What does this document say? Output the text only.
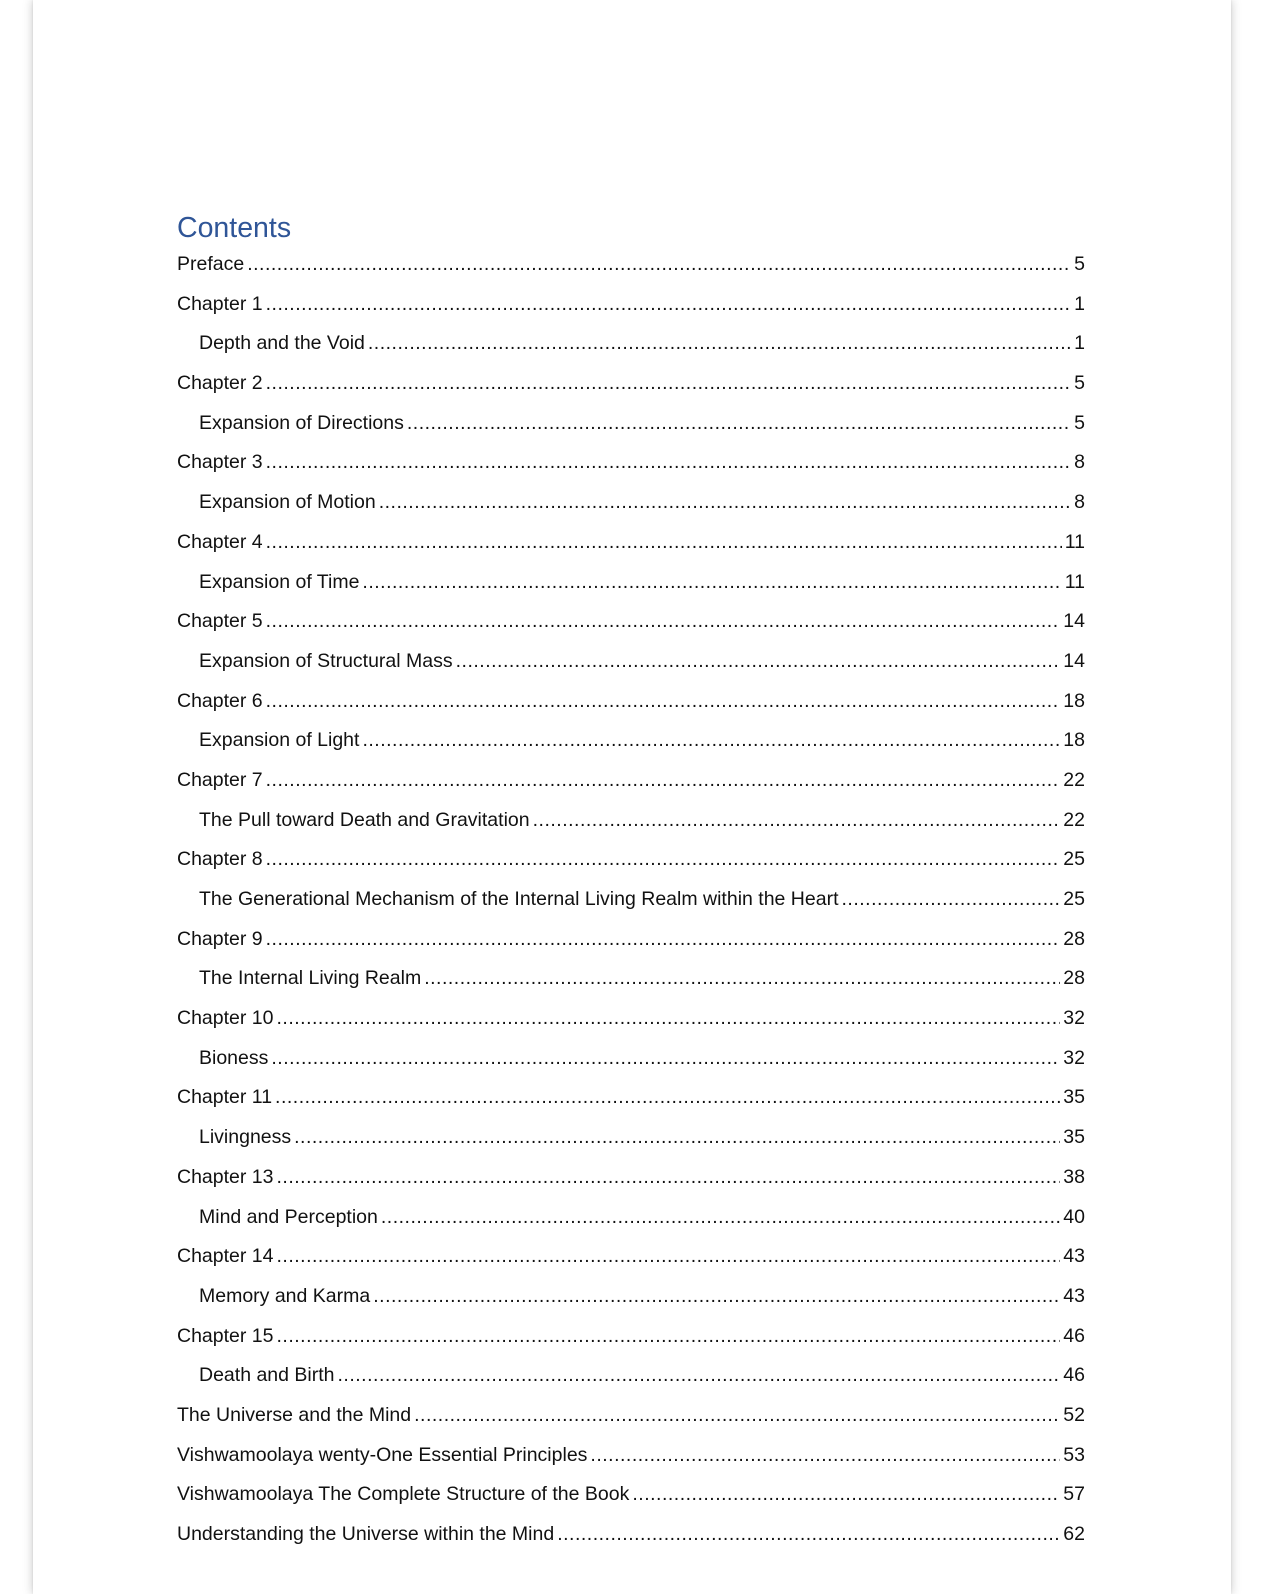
Contents
Preface .....	5
Chapter 1 .....	1
Depth and the Void .....	1
Chapter 2 .....	5
Expansion of Directions .....	5
Chapter 3 .....	8
Expansion of Motion .....	8
Chapter 4 .....	11
Expansion of Time .....	11
Chapter 5 .....	14
Expansion of Structural Mass .....	14
Chapter 6 .....	18
Expansion of Light .....	18
Chapter 7 .....	22
The Pull toward Death and Gravitation .....	22
Chapter 8 .....	25
The Generational Mechanism of the Internal Living Realm within the Heart .....	25
Chapter 9 .....	28
The Internal Living Realm .....	28
Chapter 10 .....	32
Bioness .....	32
Chapter 11 .....	35
Livingness .....	35
Chapter 13 .....	38
Mind and Perception .....	40
Chapter 14 .....	43
Memory and Karma .....	43
Chapter 15 .....	46
Death and Birth .....	46
The Universe and the Mind .....	52
Vishwamoolaya wenty-One Essential Principles .....	53
Vishwamoolaya The Complete Structure of the Book .....	57
Understanding the Universe within the Mind .....	62
